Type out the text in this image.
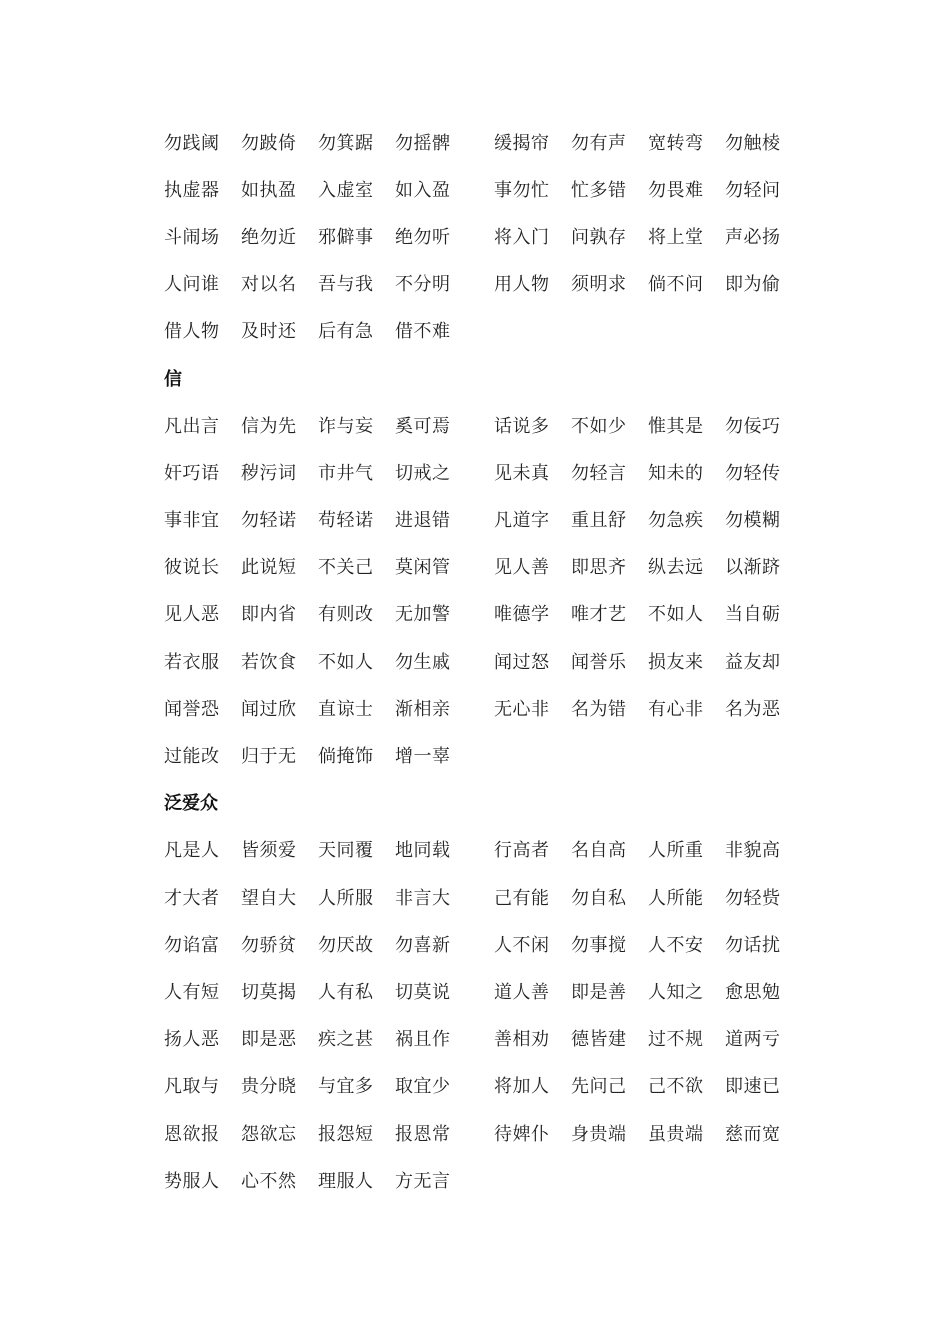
勿践阈	勿跛倚	勿箕踞	勿摇髀	缓揭帘	勿有声	宽转弯	勿触棱
执虚器	如执盈	入虚室	如入盈	事勿忙	忙多错	勿畏难	勿轻问
斗闹场	绝勿近	邪僻事	绝勿听	将入门	问孰存	将上堂	声必扬
人问谁	对以名	吾与我	不分明	用人物	须明求	倘不问	即为偷
借人物	及时还	后有急	借不难
信
凡出言	信为先	诈与妄	奚可焉	话说多	不如少	惟其是	勿佞巧
奸巧语	秽污词	市井气	切戒之	见未真	勿轻言	知未的	勿轻传
事非宜	勿轻诺	苟轻诺	进退错	凡道字	重且舒	勿急疾	勿模糊
彼说长	此说短	不关己	莫闲管	见人善	即思齐	纵去远	以渐跻
见人恶	即内省	有则改	无加警	唯德学	唯才艺	不如人	当自砺
若衣服	若饮食	不如人	勿生戚	闻过怒	闻誉乐	损友来	益友却
闻誉恐	闻过欣	直谅士	渐相亲	无心非	名为错	有心非	名为恶
过能改	归于无	倘掩饰	增一辜
泛爱众
凡是人	皆须爱	天同覆	地同载	行高者	名自高	人所重	非貌高
才大者	望自大	人所服	非言大	己有能	勿自私	人所能	勿轻赀
勿谄富	勿骄贫	勿厌故	勿喜新	人不闲	勿事搅	人不安	勿话扰
人有短	切莫揭	人有私	切莫说	道人善	即是善	人知之	愈思勉
扬人恶	即是恶	疾之甚	祸且作	善相劝	德皆建	过不规	道两亏
凡取与	贵分晓	与宜多	取宜少	将加人	先问己	己不欲	即速已
恩欲报	怨欲忘	报怨短	报恩常	待婢仆	身贵端	虽贵端	慈而宽
势服人	心不然	理服人	方无言
